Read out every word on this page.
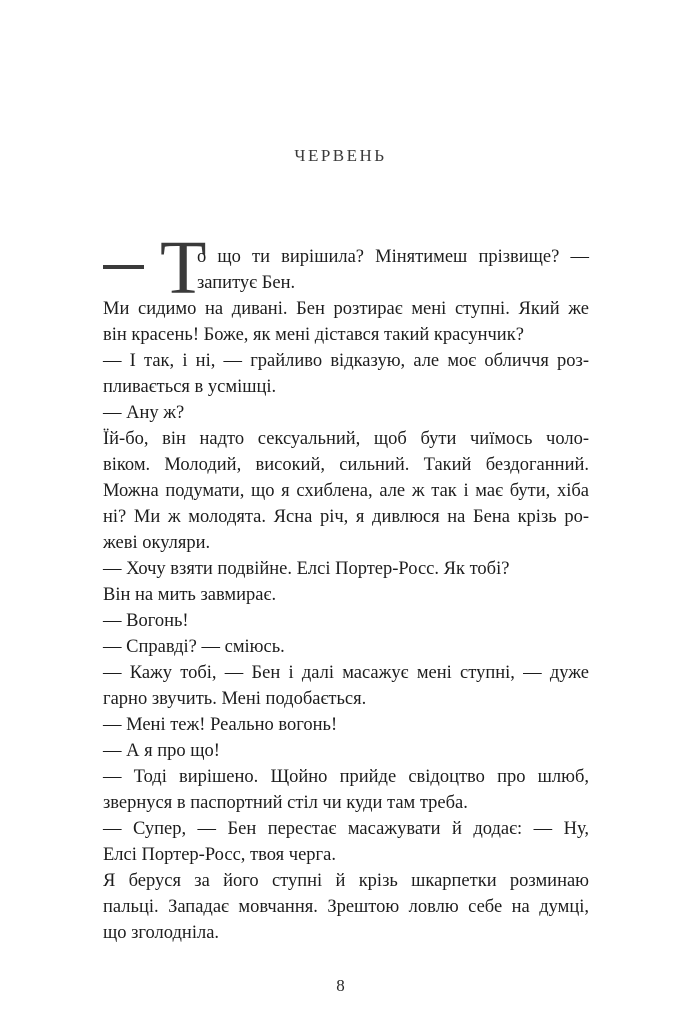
ЧЕРВЕНЬ
Т
о що ти вирішила? Мінятимеш прізвище? —
запитує Бен.
Ми сидимо на дивані. Бен розтирає мені ступні. Який же
він красень! Боже, як мені дістався такий красунчик?
— І так, і ні, — грайливо відказую, але моє обличчя роз-
пливається в усмішці.
— Ану ж?
Їй-бо, він надто сексуальний, щоб бути чиїмось чоло-
віком. Молодий, високий, сильний. Такий бездоганний.
Можна подумати, що я схиблена, але ж так і має бути, хіба
ні? Ми ж молодята. Ясна річ, я дивлюся на Бена крізь ро-
жеві окуляри.
— Хочу взяти подвійне. Елсі Портер-Росс. Як тобі?
Він на мить завмирає.
— Вогонь!
— Справді? — сміюсь.
— Кажу тобі, — Бен і далі масажує мені ступні, — дуже
гарно звучить. Мені подобається.
— Мені теж! Реально вогонь!
— А я про що!
— Тоді вирішено. Щойно прийде свідоцтво про шлюб,
звернуся в паспортний стіл чи куди там треба.
— Супер, — Бен перестає масажувати й додає: — Ну,
Елсі Портер-Росс, твоя черга.
Я беруся за його ступні й крізь шкарпетки розминаю
пальці. Западає мовчання. Зрештою ловлю себе на думці,
що зголодніла.
8
